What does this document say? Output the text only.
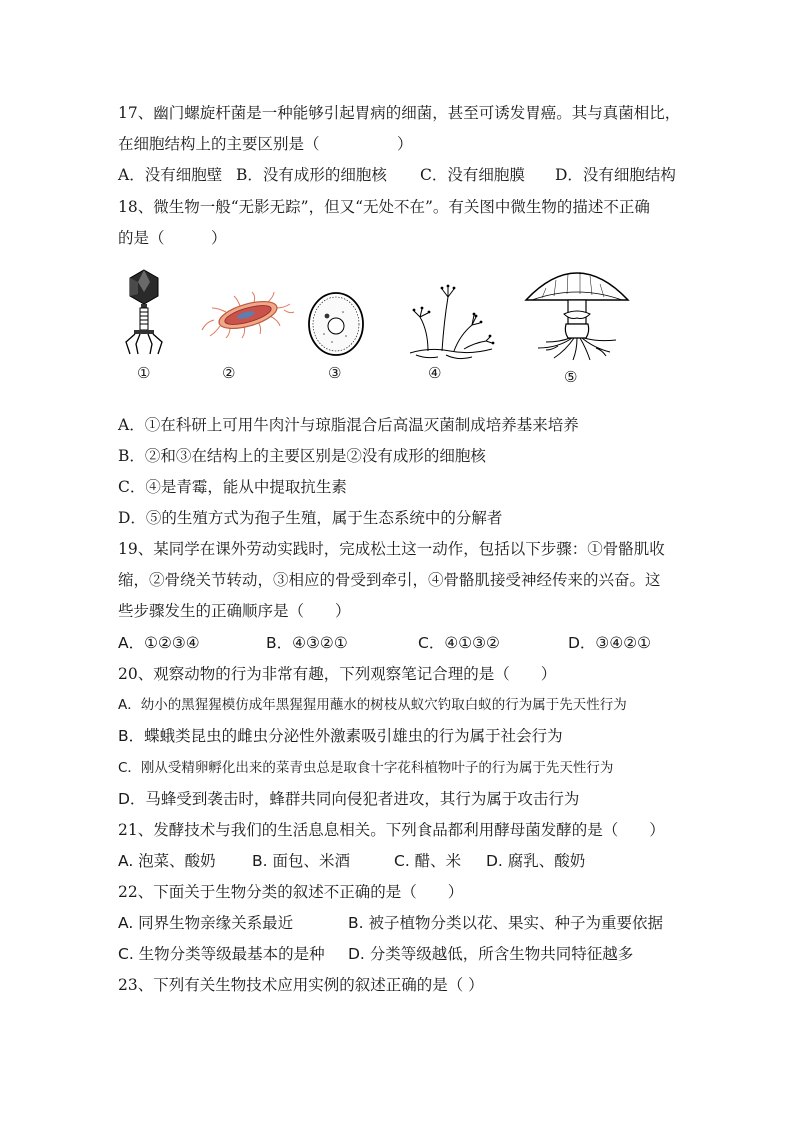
17、幽门螺旋杆菌是一种能够引起胃病的细菌，甚至可诱发胃癌。其与真菌相比，
在细胞结构上的主要区别是（　　　　　）
A．没有细胞壁 B．没有成形的细胞核 C．没有细胞膜 D．没有细胞结构
18、微生物一般“无影无踪”，但又“无处不在”。有关图中微生物的描述不正确
的是（　　　）
①	②	③	④	⑤
A．①在科研上可用牛肉汁与琼脂混合后高温灭菌制成培养基来培养
B．②和③在结构上的主要区别是②没有成形的细胞核
C．④是青霉，能从中提取抗生素
D．⑤的生殖方式为孢子生殖，属于生态系统中的分解者
19、某同学在课外劳动实践时，完成松土这一动作，包括以下步骤：①骨骼肌收
缩，②骨绕关节转动，③相应的骨受到牵引，④骨骼肌接受神经传来的兴奋。这
些步骤发生的正确顺序是（　　）
A．①②③④	B．④③②①	C．④①③②	D．③④②①
20、观察动物的行为非常有趣，下列观察笔记合理的是（　　）
A．幼小的黑猩猩模仿成年黑猩猩用蘸水的树枝从蚁穴钓取白蚁的行为属于先天性行为
B．蝶蛾类昆虫的雌虫分泌性外激素吸引雄虫的行为属于社会行为
C．刚从受精卵孵化出来的菜青虫总是取食十字花科植物叶子的行为属于先天性行为
D．马蜂受到袭击时，蜂群共同向侵犯者进攻，其行为属于攻击行为
21、发酵技术与我们的生活息息相关。下列食品都利用酵母菌发酵的是（　　）
A. 泡菜、酸奶 B. 面包、米酒	C. 醋、米 D. 腐乳、酸奶
22、下面关于生物分类的叙述不正确的是（　　）
A. 同界生物亲缘关系最近	B. 被子植物分类以花、果实、种子为重要依据
C. 生物分类等级最基本的是种 D. 分类等级越低，所含生物共同特征越多
23、下列有关生物技术应用实例的叙述正确的是（ ）
